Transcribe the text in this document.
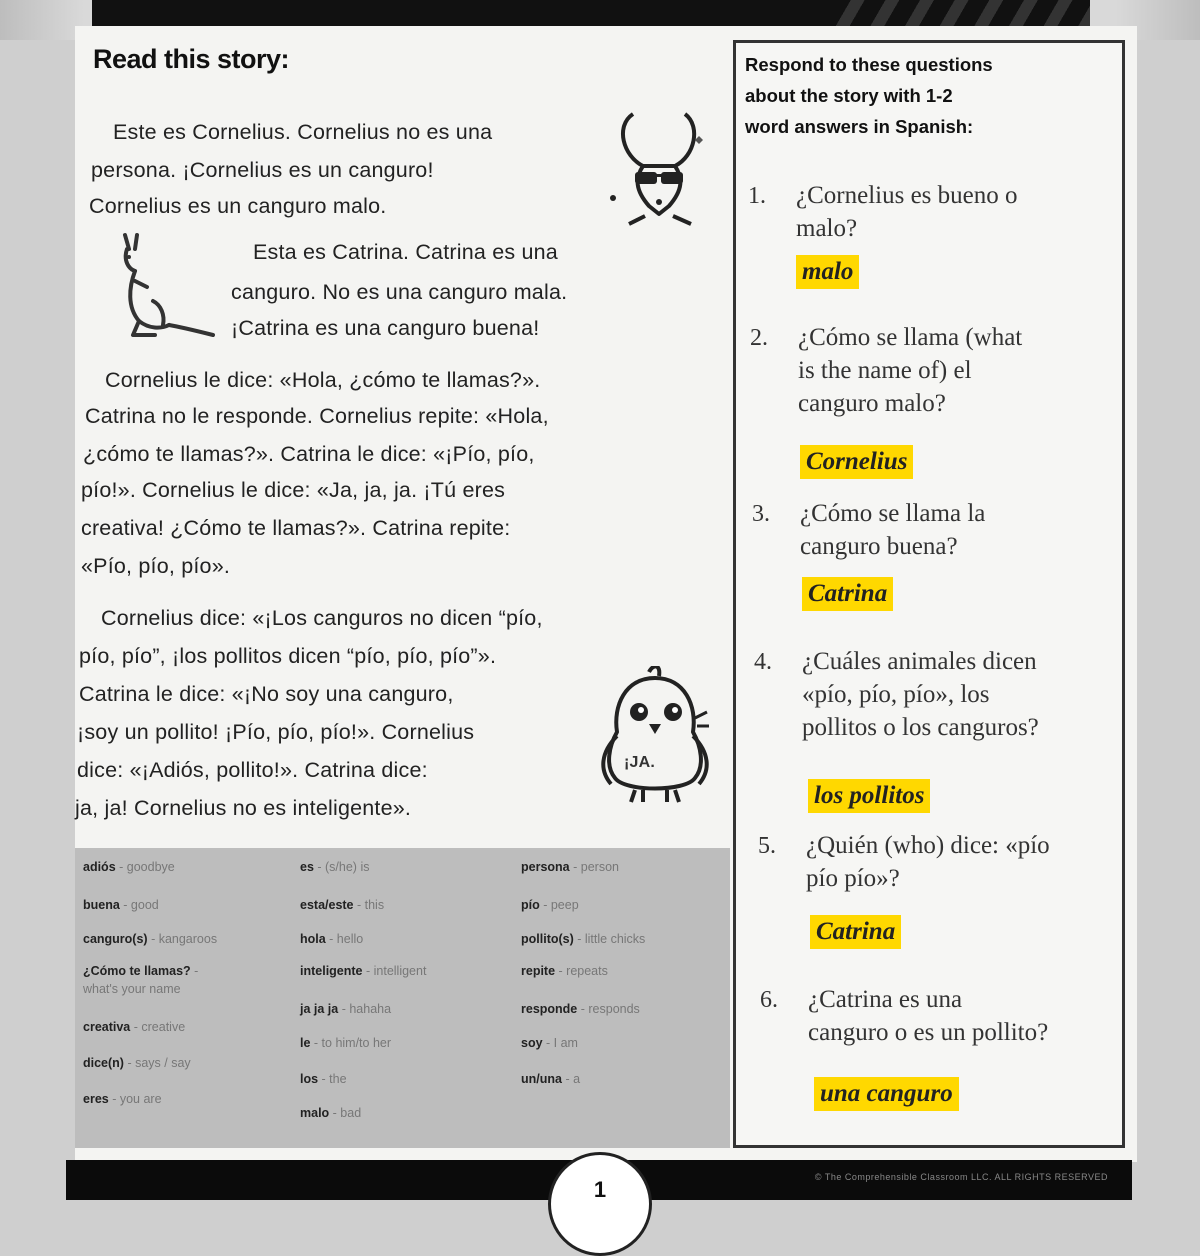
Read this story:
Este es Cornelius. Cornelius no es una
persona. ¡Cornelius es un canguro!
Cornelius es un canguro malo.
Esta es Catrina. Catrina es una
canguro. No es una canguro mala.
¡Catrina es una canguro buena!
Cornelius le dice: «Hola, ¿cómo te llamas?».
Catrina no le responde. Cornelius repite: «Hola,
¿cómo te llamas?». Catrina le dice: «¡Pío, pío,
pío!». Cornelius le dice: «Ja, ja, ja. ¡Tú eres
creativa! ¿Cómo te llamas?». Catrina repite:
«Pío, pío, pío».
Cornelius dice: «¡Los canguros no dicen “pío,
pío, pío”, ¡los pollitos dicen “pío, pío, pío”».
Catrina le dice: «¡No soy una canguro,
¡soy un pollito! ¡Pío, pío, pío!». Cornelius
dice: «¡Adiós, pollito!». Catrina dice:
ja, ja! Cornelius no es inteligente».
¡JA.
adiós - goodbye
buena - good
canguro(s) - kangaroos
¿Cómo te llamas? -
what's your name
creativa - creative
dice(n) - says / say
eres - you are
es - (s/he) is
esta/este - this
hola - hello
inteligente - intelligent
ja ja ja - hahaha
le - to him/to her
los - the
malo - bad
persona - person
pío - peep
pollito(s) - little chicks
repite - repeats
responde - responds
soy - I am
un/una - a
Respond to these questions
about the story with 1-2
word answers in Spanish:
1. ¿Cornelius es bueno o
malo?
malo
2. ¿Cómo se llama (what
is the name of) el
canguro malo?
Cornelius
3. ¿Cómo se llama la
canguro buena?
Catrina
4. ¿Cuáles animales dicen
«pío, pío, pío», los
pollitos o los canguros?
los pollitos
5. ¿Quién (who) dice: «pío
pío pío»?
Catrina
6. ¿Catrina es una
canguro o es un pollito?
una canguro
© The Comprehensible Classroom LLC. ALL RIGHTS RESERVED
1
